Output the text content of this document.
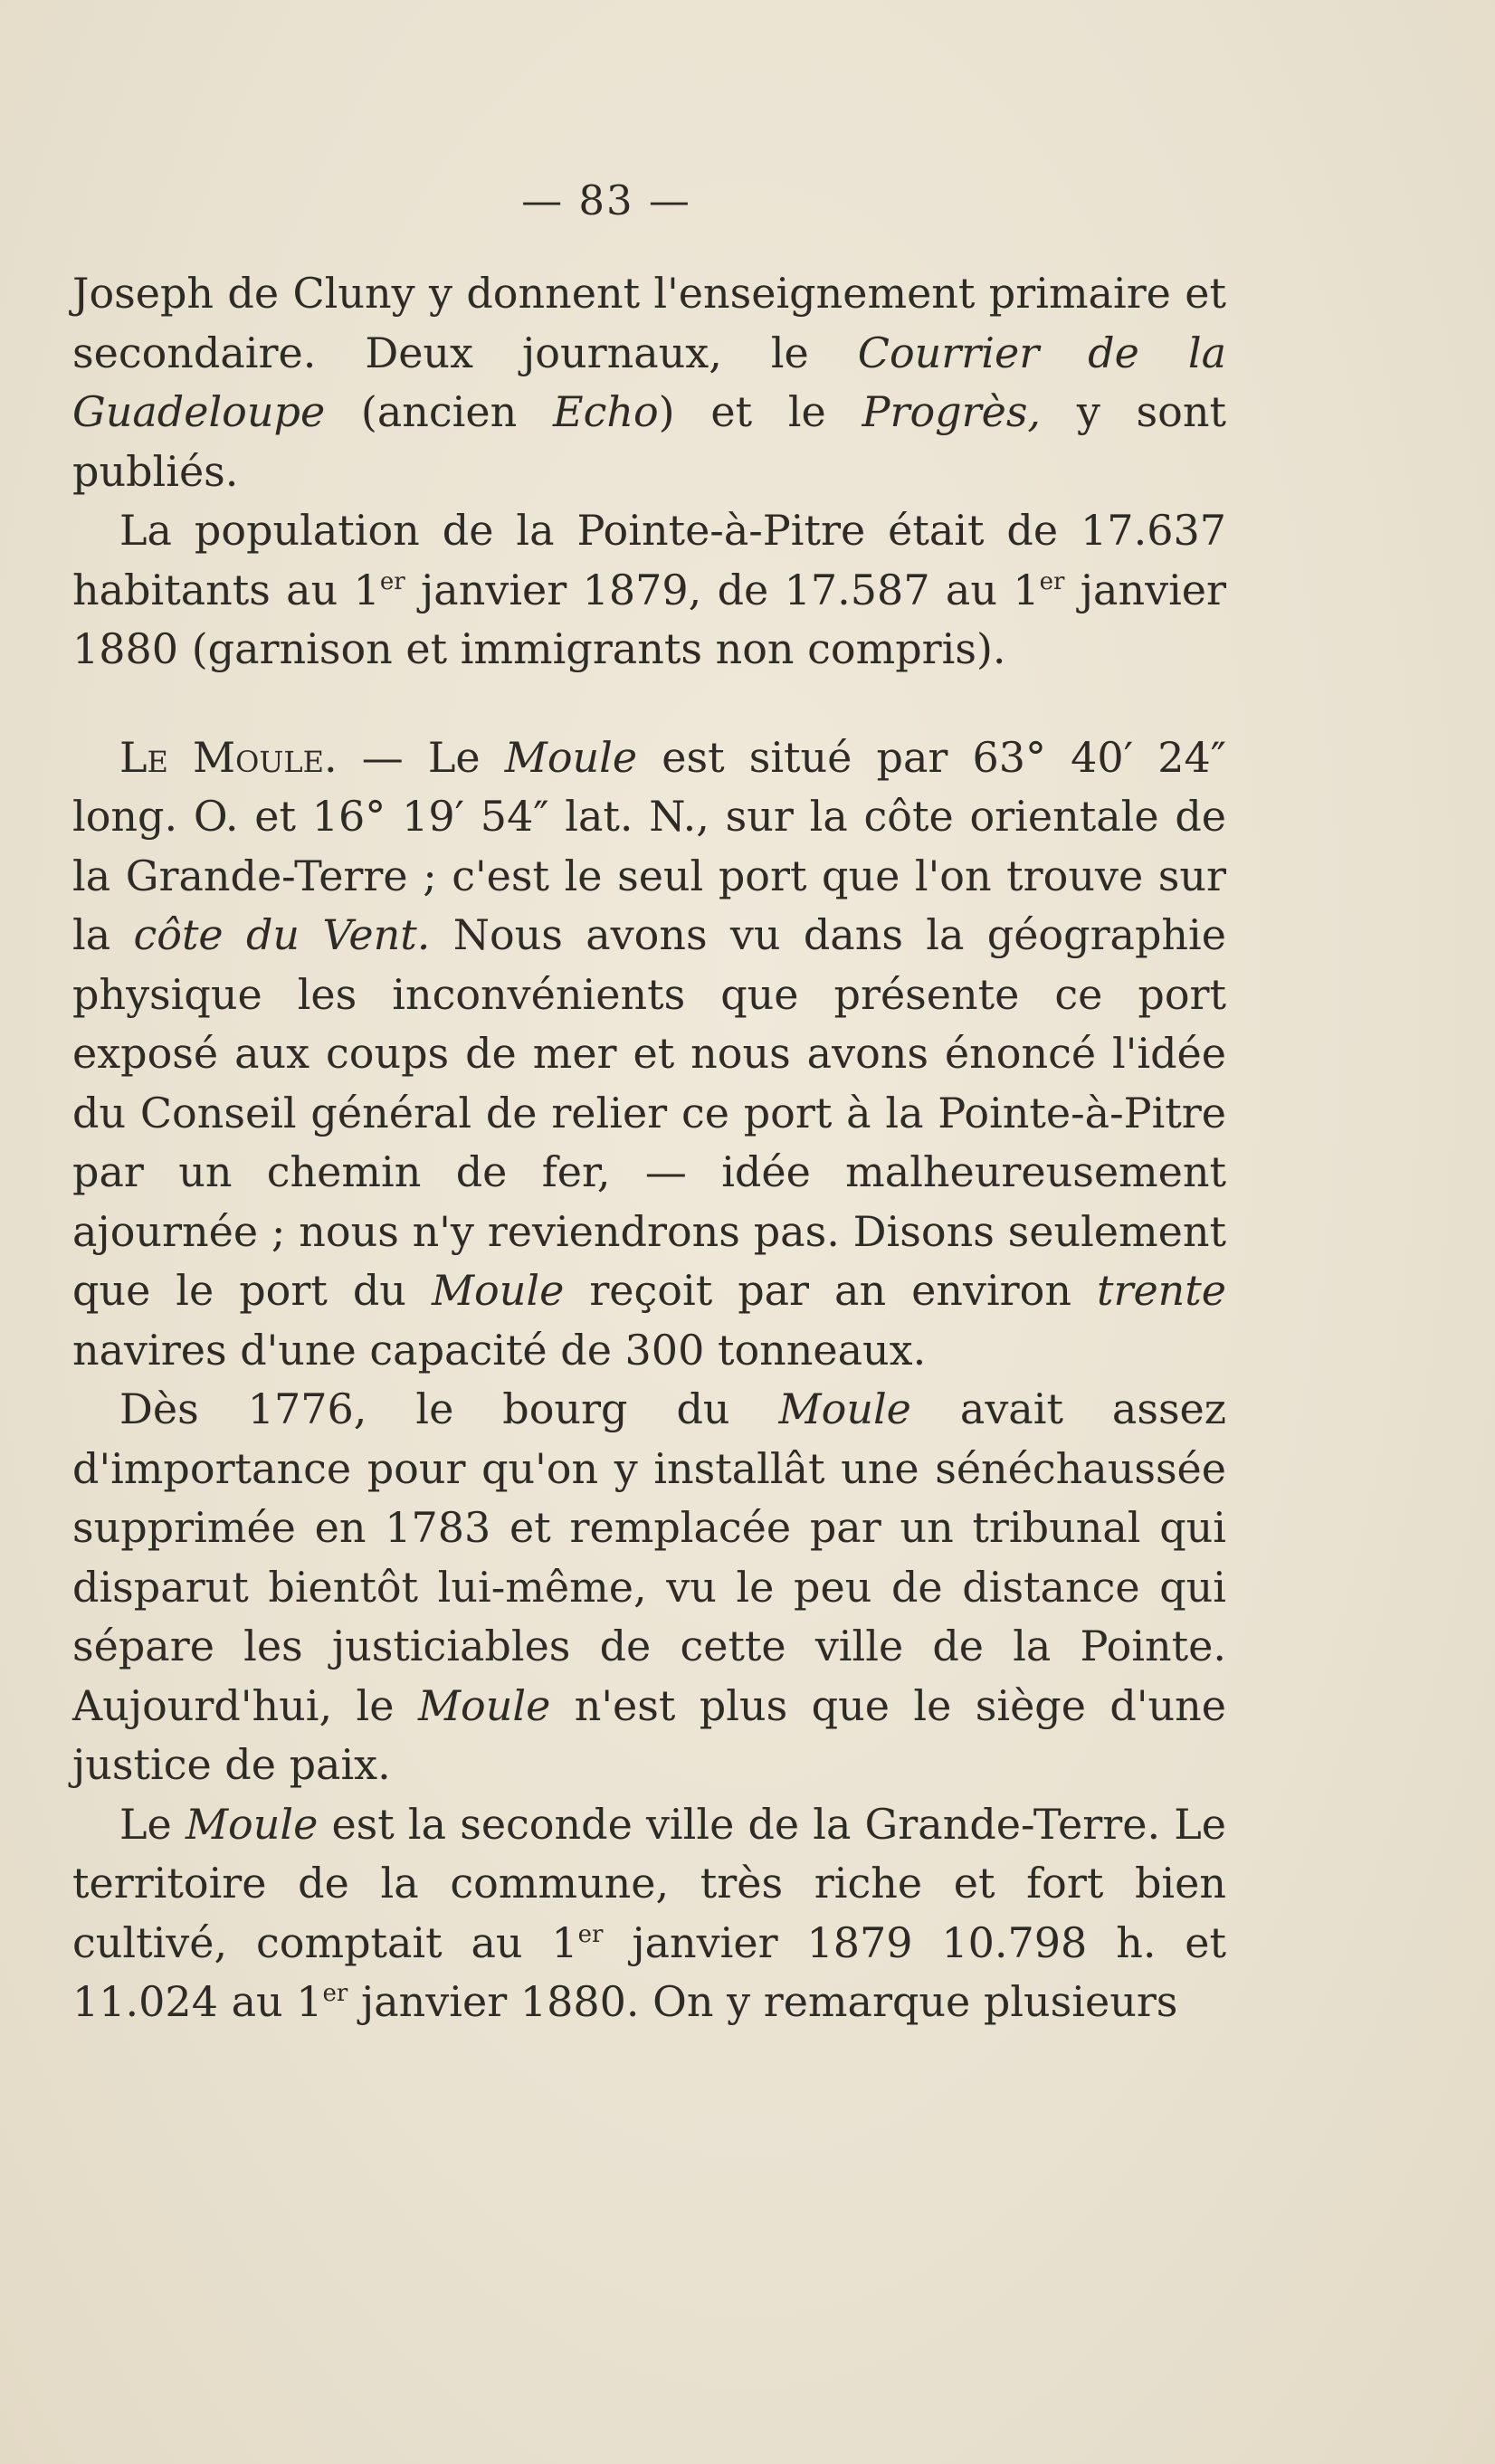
— 83 —

Joseph de Cluny y donnent l'enseignement primaire et secondaire. Deux journaux, le Courrier de la Guadeloupe (ancien Echo) et le Progrès, y sont publiés.

La population de la Pointe-à-Pitre était de 17.637 habitants au 1er janvier 1879, de 17.587 au 1er janvier 1880 (garnison et immigrants non compris).

Le Moule. — Le Moule est situé par 63° 40′ 24″ long. O. et 16° 19′ 54″ lat. N., sur la côte orientale de la Grande-Terre ; c'est le seul port que l'on trouve sur la côte du Vent. Nous avons vu dans la géographie physique les inconvénients que présente ce port exposé aux coups de mer et nous avons énoncé l'idée du Conseil général de relier ce port à la Pointe-à-Pitre par un chemin de fer, — idée malheureusement ajournée ; nous n'y reviendrons pas. Disons seulement que le port du Moule reçoit par an environ trente navires d'une capacité de 300 tonneaux.

Dès 1776, le bourg du Moule avait assez d'importance pour qu'on y installât une sénéchaussée supprimée en 1783 et remplacée par un tribunal qui disparut bientôt lui-même, vu le peu de distance qui sépare les justiciables de cette ville de la Pointe. Aujourd'hui, le Moule n'est plus que le siège d'une justice de paix.

Le Moule est la seconde ville de la Grande-Terre. Le territoire de la commune, très riche et fort bien cultivé, comptait au 1er janvier 1879 10.798 h. et 11.024 au 1er janvier 1880. On y remarque plusieurs
